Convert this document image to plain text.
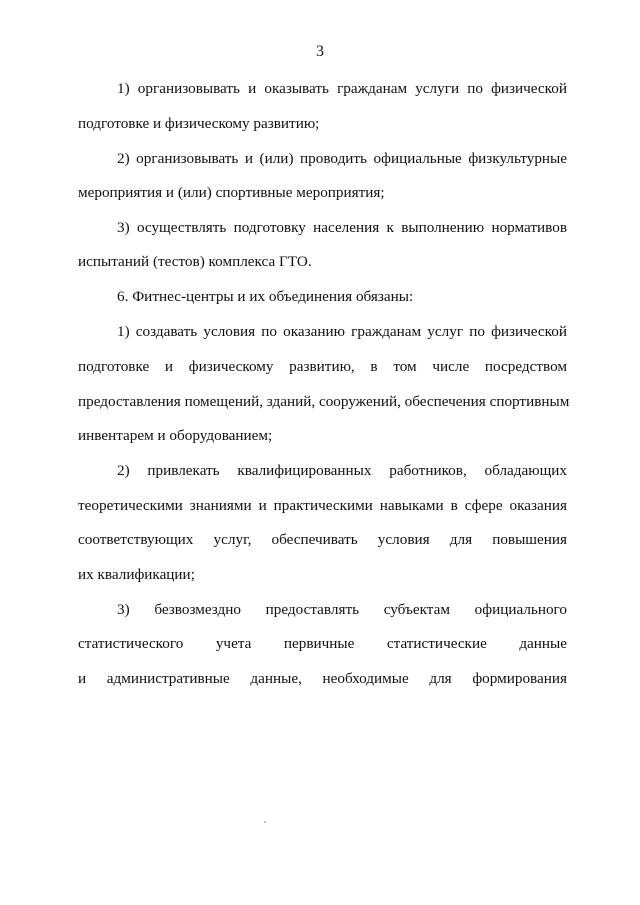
3
1) организовывать и оказывать гражданам услуги по физической
подготовке и физическому развитию;
2) организовывать и (или) проводить официальные физкультурные
мероприятия и (или) спортивные мероприятия;
3) осуществлять подготовку населения к выполнению нормативов
испытаний (тестов) комплекса ГТО.
6. Фитнес-центры и их объединения обязаны:
1) создавать условия по оказанию гражданам услуг по физической
подготовке и физическому развитию, в том числе посредством
предоставления помещений, зданий, сооружений, обеспечения спортивным
инвентарем и оборудованием;
2) привлекать квалифицированных работников, обладающих
теоретическими знаниями и практическими навыками в сфере оказания
соответствующих услуг, обеспечивать условия для повышения
их квалификации;
3) безвозмездно предоставлять субъектам официального
статистического учета первичные статистические данные
и административные данные, необходимые для формирования
